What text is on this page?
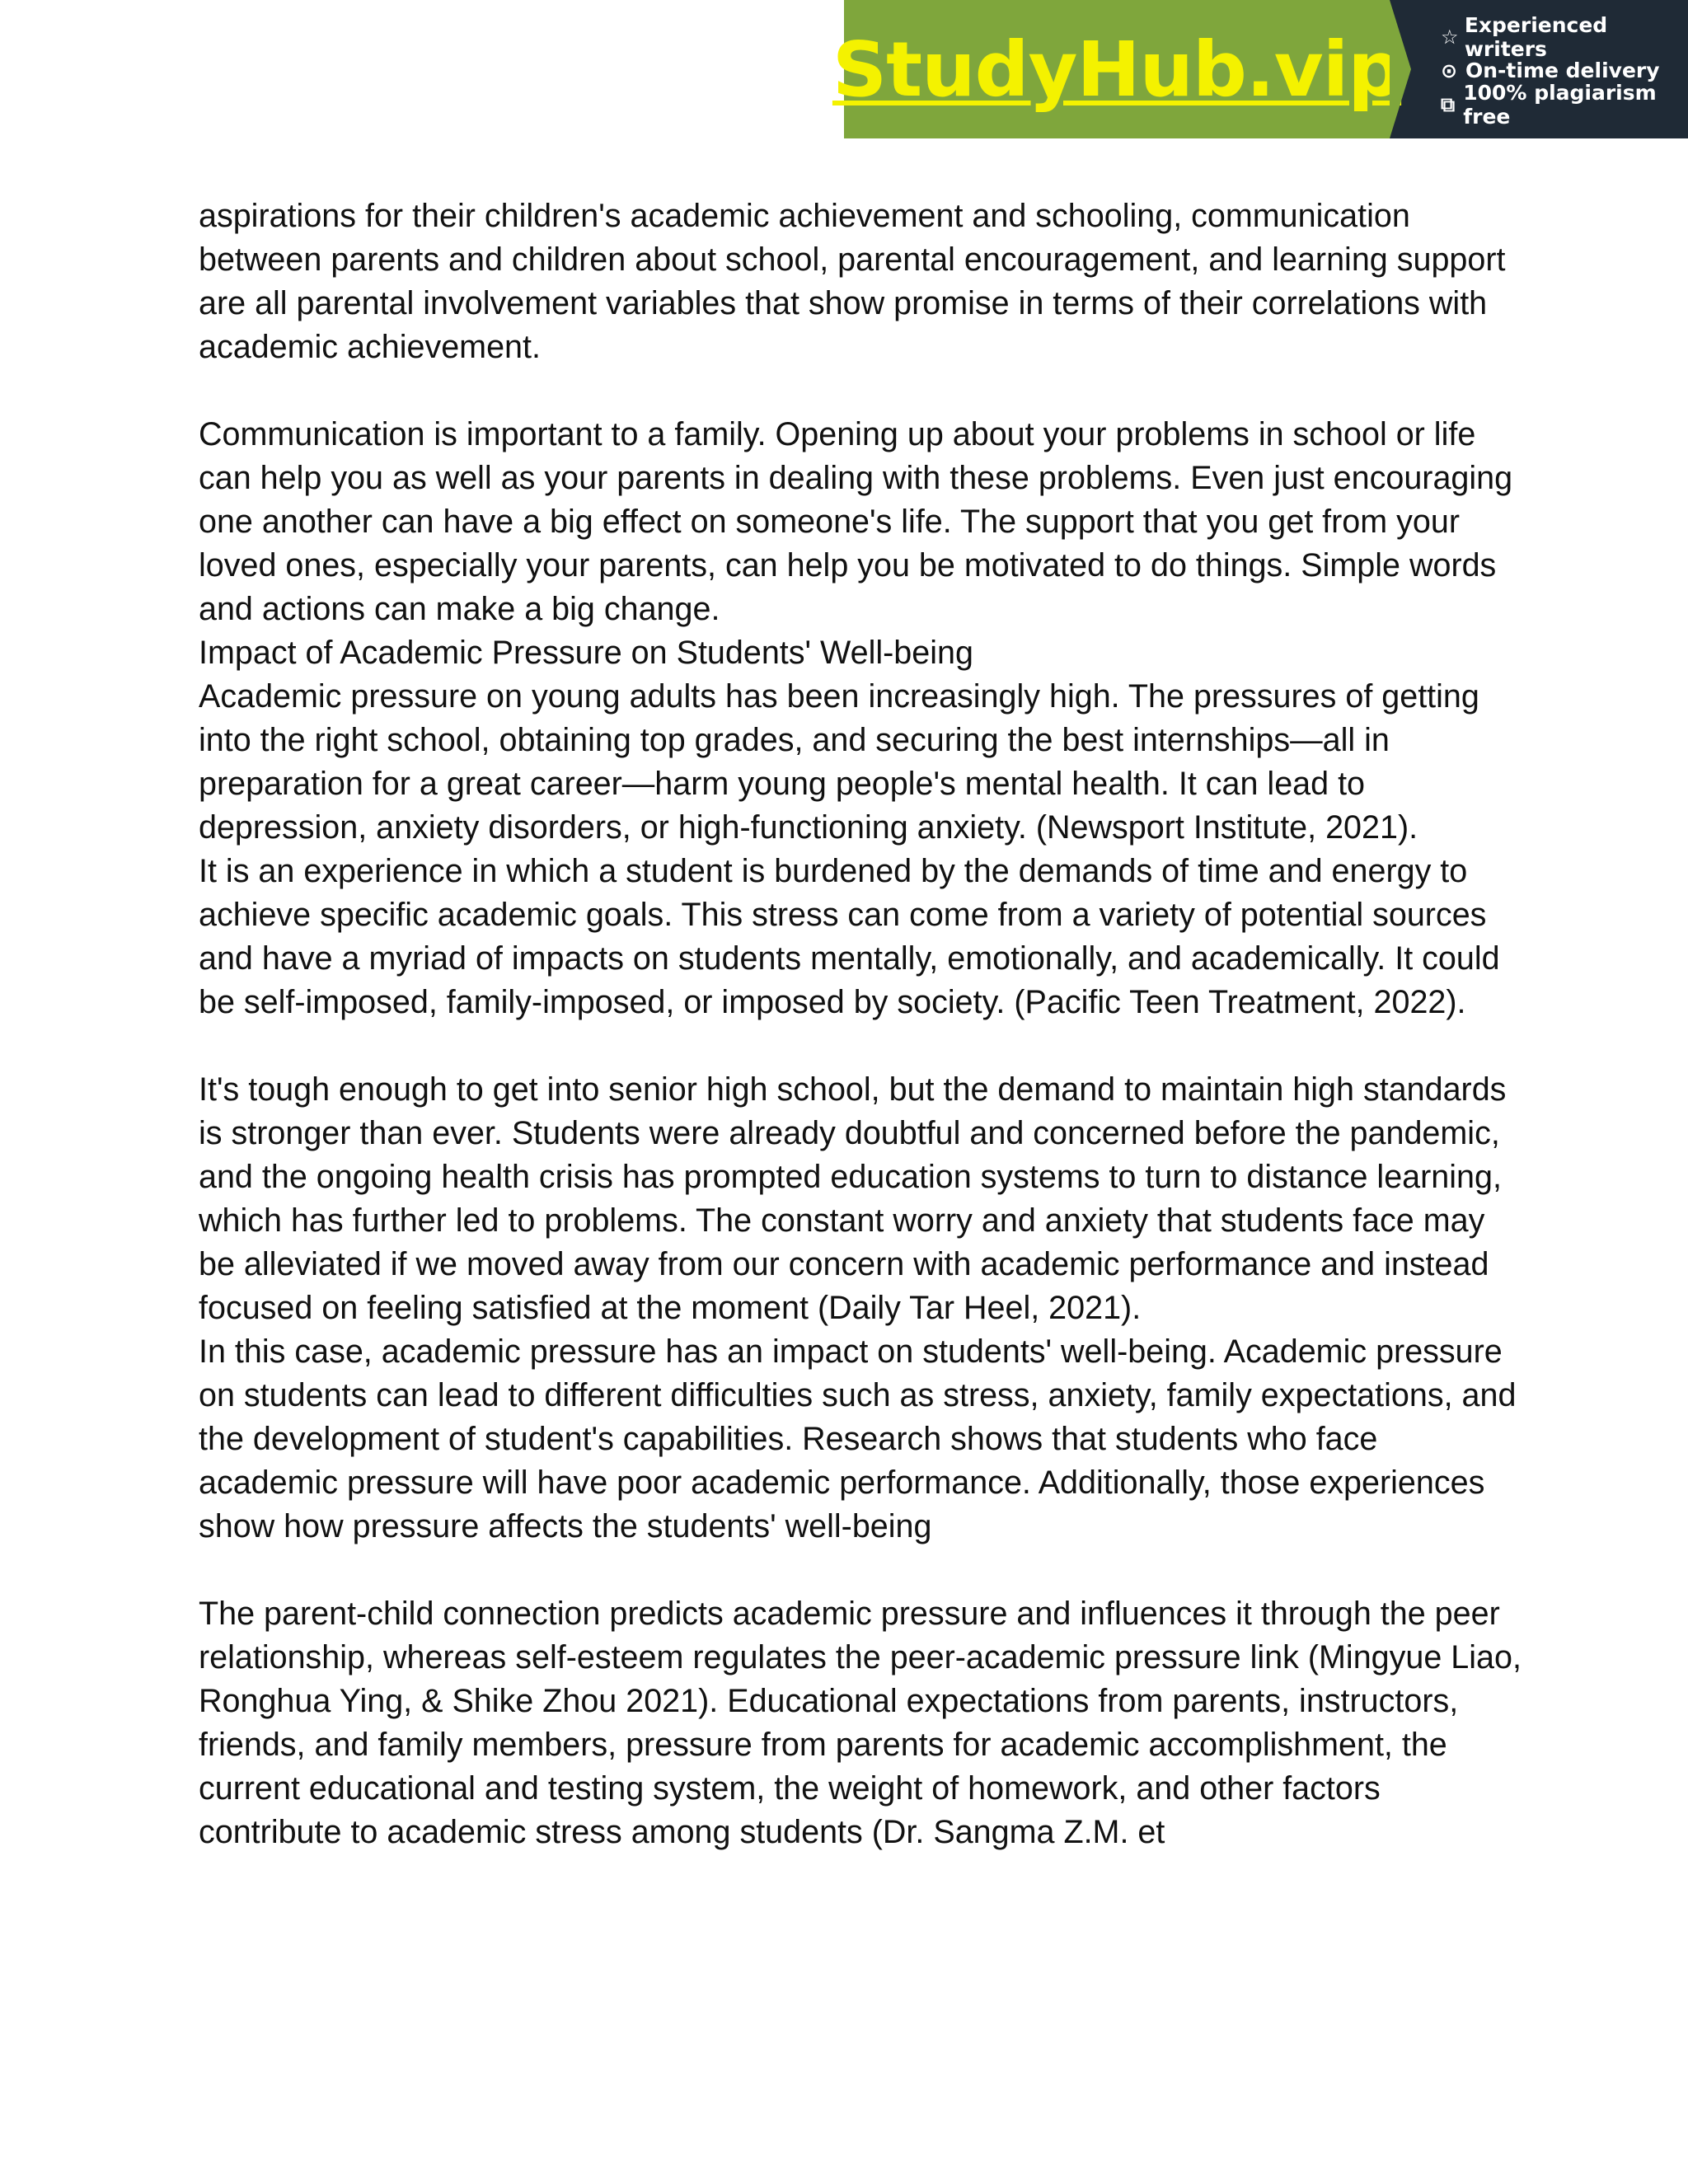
StudyHub.vip ☆ Experienced writers
⊙ On-time delivery
⧉ 100% plagiarism free

aspirations for their children's academic achievement and schooling, communication between parents and children about school, parental encouragement, and learning support are all parental involvement variables that show promise in terms of their correlations with academic achievement.

Communication is important to a family. Opening up about your problems in school or life can help you as well as your parents in dealing with these problems. Even just encouraging one another can have a big effect on someone's life. The support that you get from your loved ones, especially your parents, can help you be motivated to do things. Simple words and actions can make a big change.

Impact of Academic Pressure on Students' Well-being

Academic pressure on young adults has been increasingly high. The pressures of getting into the right school, obtaining top grades, and securing the best internships—all in preparation for a great career—harm young people's mental health. It can lead to depression, anxiety disorders, or high-functioning anxiety. (Newsport Institute, 2021).

It is an experience in which a student is burdened by the demands of time and energy to achieve specific academic goals. This stress can come from a variety of potential sources and have a myriad of impacts on students mentally, emotionally, and academically. It could be self-imposed, family-imposed, or imposed by society. (Pacific Teen Treatment, 2022).

It's tough enough to get into senior high school, but the demand to maintain high standards is stronger than ever. Students were already doubtful and concerned before the pandemic, and the ongoing health crisis has prompted education systems to turn to distance learning, which has further led to problems. The constant worry and anxiety that students face may be alleviated if we moved away from our concern with academic performance and instead focused on feeling satisfied at the moment (Daily Tar Heel, 2021).

In this case, academic pressure has an impact on students' well-being. Academic pressure on students can lead to different difficulties such as stress, anxiety, family expectations, and the development of student's capabilities. Research shows that students who face academic pressure will have poor academic performance. Additionally, those experiences show how pressure affects the students' well-being

The parent-child connection predicts academic pressure and influences it through the peer relationship, whereas self-esteem regulates the peer-academic pressure link (Mingyue Liao, Ronghua Ying, & Shike Zhou 2021). Educational expectations from parents, instructors, friends, and family members, pressure from parents for academic accomplishment, the current educational and testing system, the weight of homework, and other factors contribute to academic stress among students (Dr. Sangma Z.M. et
